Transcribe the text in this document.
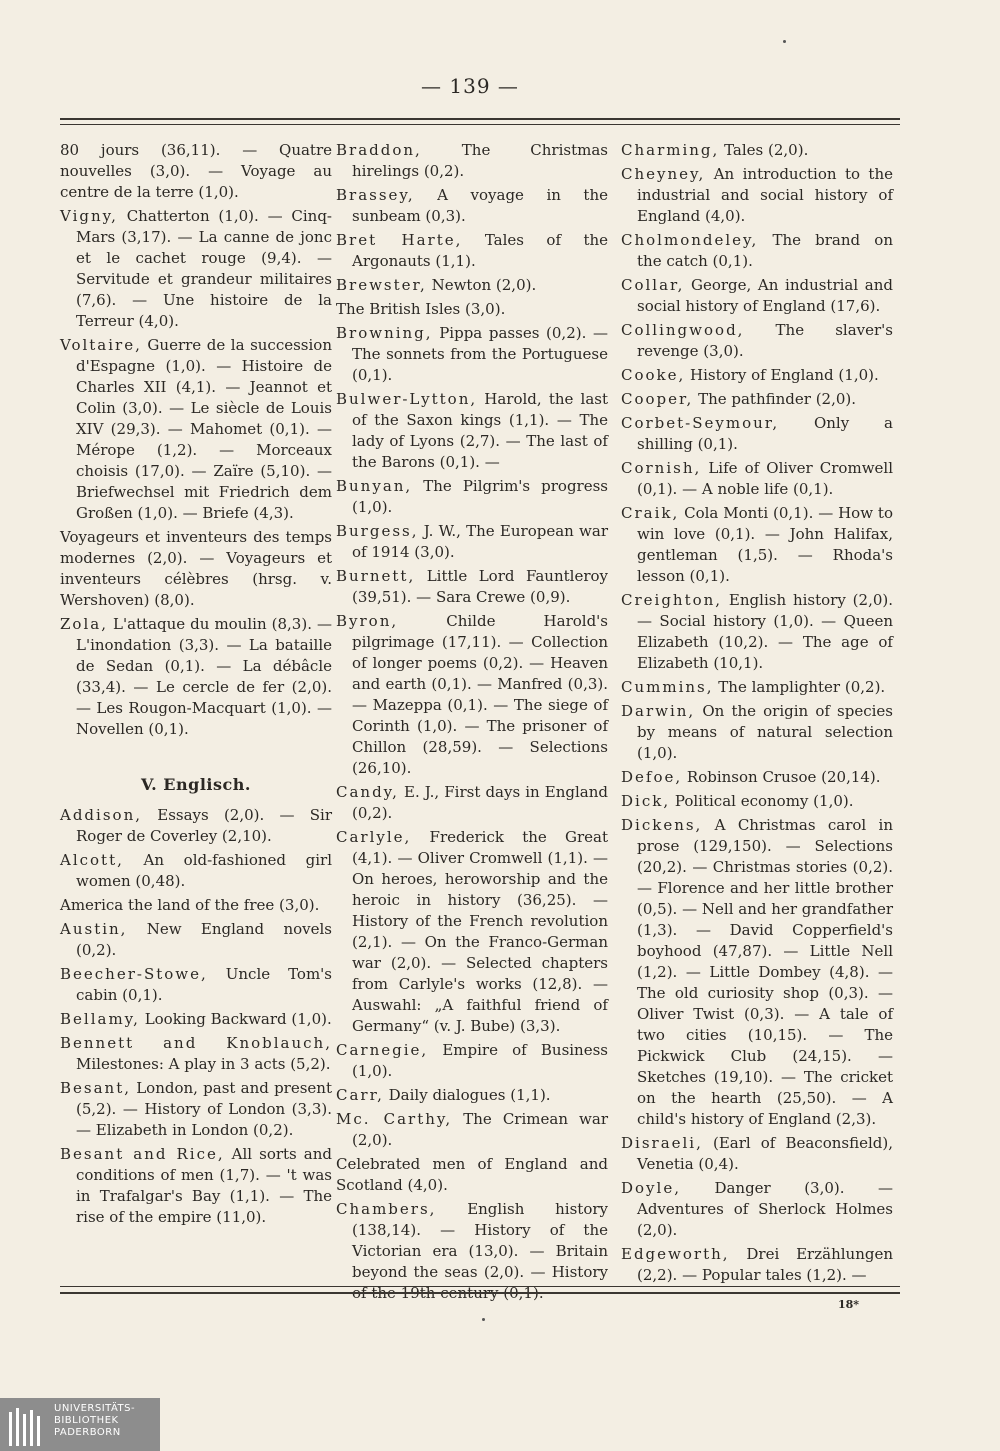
— 139 —
80 jours (36,11). — Quatre nouvelles (3,0). — Voyage au centre de la terre (1,0).
Vigny, Chatterton (1,0). — Cinq-Mars (3,17). — La canne de jonc et le cachet rouge (9,4). — Servitude et grandeur militaires (7,6). — Une histoire de la Terreur (4,0).
Voltaire, Guerre de la succession d'Espagne (1,0). — Histoire de Charles XII (4,1). — Jeannot et Colin (3,0). — Le siècle de Louis XIV (29,3). — Mahomet (0,1). — Mérope (1,2). — Morceaux choisis (17,0). — Zaïre (5,10). — Briefwechsel mit Friedrich dem Großen (1,0). — Briefe (4,3).
Voyageurs et inventeurs des temps modernes (2,0). — Voyageurs et inventeurs célèbres (hrsg. v. Wershoven) (8,0).
Zola, L'attaque du moulin (8,3). — L'inondation (3,3). — La bataille de Sedan (0,1). — La débâcle (33,4). — Le cercle de fer (2,0). — Les Rougon-Macquart (1,0). — Novellen (0,1).
V. Englisch.
Addison, Essays (2,0). — Sir Roger de Coverley (2,10).
Alcott, An old-fashioned girl women (0,48).
America the land of the free (3,0).
Austin, New England novels (0,2).
Beecher-Stowe, Uncle Tom's cabin (0,1).
Bellamy, Looking Backward (1,0).
Bennett and Knoblauch, Milestones: A play in 3 acts (5,2).
Besant, London, past and present (5,2). — History of London (3,3). — Elizabeth in London (0,2).
Besant and Rice, All sorts and conditions of men (1,7). — 't was in Trafalgar's Bay (1,1). — The rise of the empire (11,0).
Braddon, The Christmas hirelings (0,2).
Brassey, A voyage in the sunbeam (0,3).
Bret Harte, Tales of the Argonauts (1,1).
Brewster, Newton (2,0).
The British Isles (3,0).
Browning, Pippa passes (0,2). — The sonnets from the Portuguese (0,1).
Bulwer-Lytton, Harold, the last of the Saxon kings (1,1). — The lady of Lyons (2,7). — The last of the Barons (0,1). —
Bunyan, The Pilgrim's progress (1,0).
Burgess, J. W., The European war of 1914 (3,0).
Burnett, Little Lord Fauntleroy (39,51). — Sara Crewe (0,9).
Byron, Childe Harold's pilgrimage (17,11). — Collection of longer poems (0,2). — Heaven and earth (0,1). — Manfred (0,3). — Mazeppa (0,1). — The siege of Corinth (1,0). — The prisoner of Chillon (28,59). — Selections (26,10).
Candy, E. J., First days in England (0,2).
Carlyle, Frederick the Great (4,1). — Oliver Cromwell (1,1). — On heroes, heroworship and the heroic in history (36,25). — History of the French revolution (2,1). — On the Franco-German war (2,0). — Selected chapters from Carlyle's works (12,8). — Auswahl: „A faithful friend of Germany“ (v. J. Bube) (3,3).
Carnegie, Empire of Business (1,0).
Carr, Daily dialogues (1,1).
Mc. Carthy, The Crimean war (2,0).
Celebrated men of England and Scotland (4,0).
Chambers, English history (138,14). — History of the Victorian era (13,0). — Britain beyond the seas (2,0). — History of the 19th century (0,1).
Charming, Tales (2,0).
Cheyney, An introduction to the industrial and social history of England (4,0).
Cholmondeley, The brand on the catch (0,1).
Collar, George, An industrial and social history of England (17,6).
Collingwood, The slaver's revenge (3,0).
Cooke, History of England (1,0).
Cooper, The pathfinder (2,0).
Corbet-Seymour, Only a shilling (0,1).
Cornish, Life of Oliver Cromwell (0,1). — A noble life (0,1).
Craik, Cola Monti (0,1). — How to win love (0,1). — John Halifax, gentleman (1,5). — Rhoda's lesson (0,1).
Creighton, English history (2,0). — Social history (1,0). — Queen Elizabeth (10,2). — The age of Elizabeth (10,1).
Cummins, The lamplighter (0,2).
Darwin, On the origin of species by means of natural selection (1,0).
Defoe, Robinson Crusoe (20,14).
Dick, Political economy (1,0).
Dickens, A Christmas carol in prose (129,150). — Selections (20,2). — Christmas stories (0,2). — Florence and her little brother (0,5). — Nell and her grandfather (1,3). — David Copperfield's boyhood (47,87). — Little Nell (1,2). — Little Dombey (4,8). — The old curiosity shop (0,3). — Oliver Twist (0,3). — A tale of two cities (10,15). — The Pickwick Club (24,15). — Sketches (19,10). — The cricket on the hearth (25,50). — A child's history of England (2,3).
Disraeli, (Earl of Beaconsfield), Venetia (0,4).
Doyle, Danger (3,0). — Adventures of Sherlock Holmes (2,0).
Edgeworth, Drei Erzählungen (2,2). — Popular tales (1,2). —
18*
UNIVERSITÄTS-
BIBLIOTHEK
PADERBORN
